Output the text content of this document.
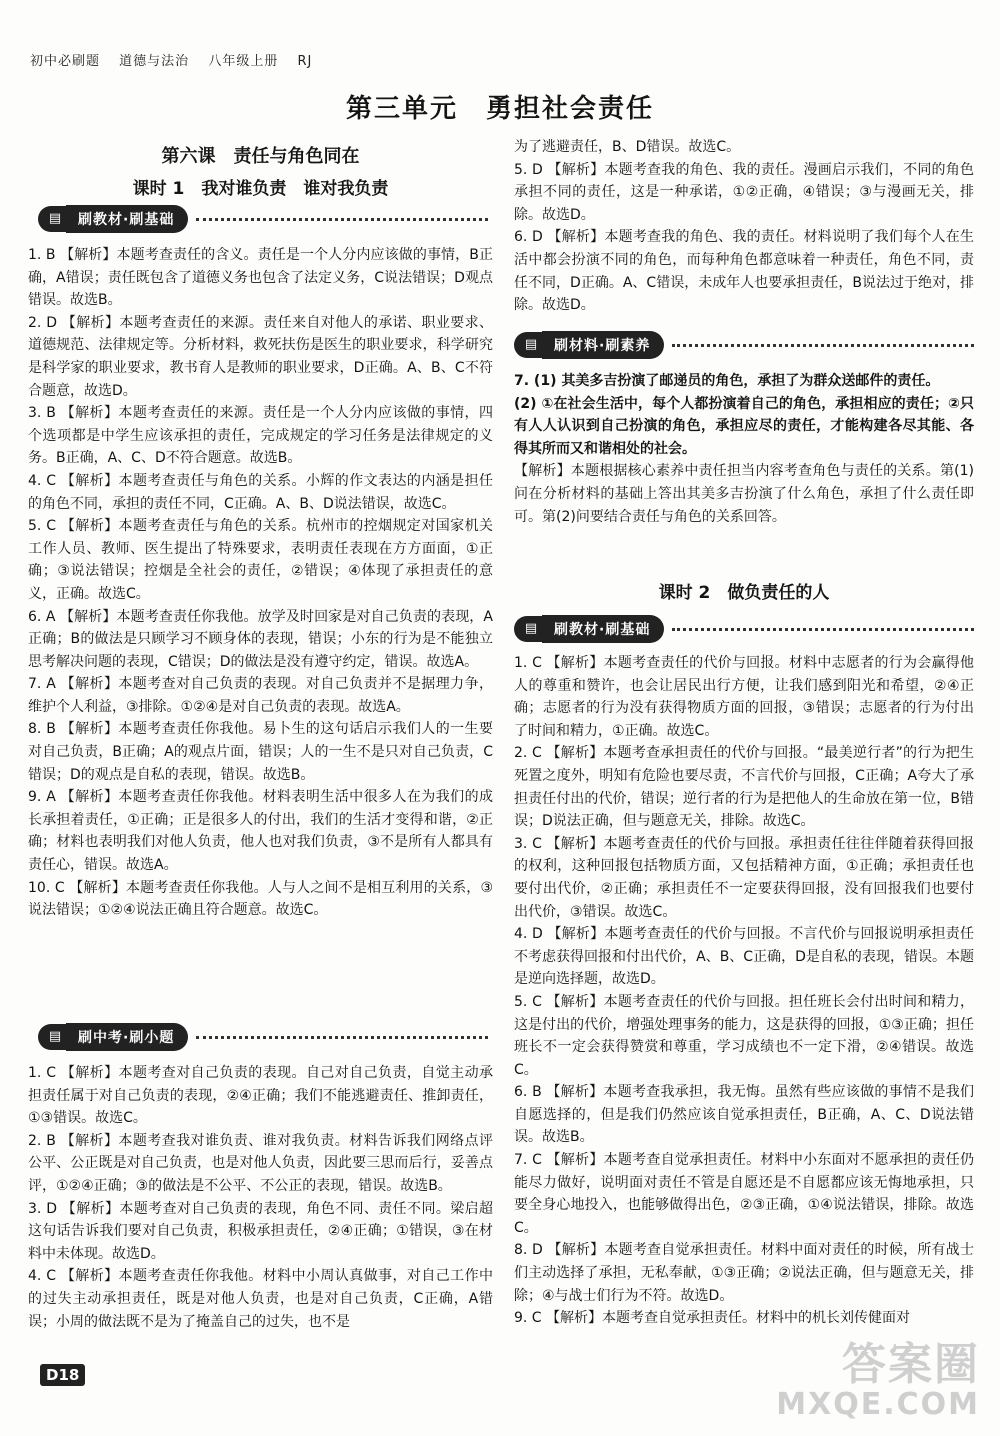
初中必刷题 道德与法治 八年级上册 RJ
第三单元　勇担社会责任
第六课　责任与角色同在
课时 1　我对谁负责　谁对我负责
▤	刷教材·刷基础

1. B 【解析】本题考查责任的含义。责任是一个人分内应该做的事情，B正确，A错误；责任既包含了道德义务也包含了法定义务，C说法错误；D观点错误。故选B。

2. D 【解析】本题考查责任的来源。责任来自对他人的承诺、职业要求、道德规范、法律规定等。分析材料，救死扶伤是医生的职业要求，科学研究是科学家的职业要求，教书育人是教师的职业要求，D正确。A、B、C不符合题意，故选D。

3. B 【解析】本题考查责任的来源。责任是一个人分内应该做的事情，四个选项都是中学生应该承担的责任，完成规定的学习任务是法律规定的义务。B正确，A、C、D不符合题意。故选B。

4. C 【解析】本题考查责任与角色的关系。小辉的作文表达的内涵是担任的角色不同，承担的责任不同，C正确。A、B、D说法错误，故选C。

5. C 【解析】本题考查责任与角色的关系。杭州市的控烟规定对国家机关工作人员、教师、医生提出了特殊要求，表明责任表现在方方面面，①正确；③说法错误；控烟是全社会的责任，②错误；④体现了承担责任的意义，正确。故选C。

6. A 【解析】本题考查责任你我他。放学及时回家是对自己负责的表现，A正确；B的做法是只顾学习不顾身体的表现，错误；小东的行为是不能独立思考解决问题的表现，C错误；D的做法是没有遵守约定，错误。故选A。

7. A 【解析】本题考查对自己负责的表现。对自己负责并不是据理力争，维护个人利益，③排除。①②④是对自己负责的表现。故选A。

8. B 【解析】本题考查责任你我他。易卜生的这句话启示我们人的一生要对自己负责，B正确；A的观点片面，错误；人的一生不是只对自己负责，C错误；D的观点是自私的表现，错误。故选B。

9. A 【解析】本题考查责任你我他。材料表明生活中很多人在为我们的成长承担着责任，①正确；正是很多人的付出，我们的生活才变得和谐，②正确；材料也表明我们对他人负责，他人也对我们负责，③不是所有人都具有责任心，错误。故选A。

10. C 【解析】本题考查责任你我他。人与人之间不是相互利用的关系，③说法错误；①②④说法正确且符合题意。故选C。

▤	刷中考·刷小题

1. C 【解析】本题考查对自己负责的表现。自己对自己负责，自觉主动承担责任属于对自己负责的表现，②④正确；我们不能逃避责任、推卸责任，①③错误。故选C。

2. B 【解析】本题考查我对谁负责、谁对我负责。材料告诉我们网络点评公平、公正既是对自己负责，也是对他人负责，因此要三思而后行，妥善点评，①②④正确；③的做法是不公平、不公正的表现，错误。故选B。

3. D 【解析】本题考查对自己负责的表现，角色不同、责任不同。梁启超这句话告诉我们要对自己负责，积极承担责任，②④正确；①错误，③在材料中未体现。故选D。

4. C 【解析】本题考查责任你我他。材料中小周认真做事，对自己工作中的过失主动承担责任，既是对他人负责，也是对自己负责，C正确，A错误；小周的做法既不是为了掩盖自己的过失，也不是

为了逃避责任，B、D错误。故选C。

5. D 【解析】本题考查我的角色、我的责任。漫画启示我们，不同的角色承担不同的责任，这是一种承诺，①②正确，④错误；③与漫画无关，排除。故选D。

6. D 【解析】本题考查我的角色、我的责任。材料说明了我们每个人在生活中都会扮演不同的角色，而每种角色都意味着一种责任，角色不同，责任不同，D正确。A、C错误，未成年人也要承担责任，B说法过于绝对，排除。故选D。

▤	刷材料·刷素养

7. (1) 其美多吉扮演了邮递员的角色，承担了为群众送邮件的责任。

(2) ①在社会生活中，每个人都扮演着自己的角色，承担相应的责任；②只有人人认识到自己扮演的角色，承担应尽的责任，才能构建各尽其能、各得其所而又和谐相处的社会。

【解析】本题根据核心素养中责任担当内容考查角色与责任的关系。第(1)问在分析材料的基础上答出其美多吉扮演了什么角色，承担了什么责任即可。第(2)问要结合责任与角色的关系回答。

课时 2　做负责任的人
▤	刷教材·刷基础

1. C 【解析】本题考查责任的代价与回报。材料中志愿者的行为会赢得他人的尊重和赞许，也会让居民出行方便，让我们感到阳光和希望，②④正确；志愿者的行为没有获得物质方面的回报，③错误；志愿者的行为付出了时间和精力，①正确。故选C。

2. C 【解析】本题考查承担责任的代价与回报。“最美逆行者”的行为把生死置之度外，明知有危险也要尽责，不言代价与回报，C正确；A夸大了承担责任付出的代价，错误；逆行者的行为是把他人的生命放在第一位，B错误；D说法正确，但与题意无关，排除。故选C。

3. C 【解析】本题考查责任的代价与回报。承担责任往往伴随着获得回报的权利，这种回报包括物质方面，又包括精神方面，①正确；承担责任也要付出代价，②正确；承担责任不一定要获得回报，没有回报我们也要付出代价，③错误。故选C。

4. D 【解析】本题考查责任的代价与回报。不言代价与回报说明承担责任不考虑获得回报和付出代价，A、B、C正确，D是自私的表现，错误。本题是逆向选择题，故选D。

5. C 【解析】本题考查责任的代价与回报。担任班长会付出时间和精力，这是付出的代价，增强处理事务的能力，这是获得的回报，①③正确；担任班长不一定会获得赞赏和尊重，学习成绩也不一定下滑，②④错误。故选C。

6. B 【解析】本题考查我承担，我无悔。虽然有些应该做的事情不是我们自愿选择的，但是我们仍然应该自觉承担责任，B正确，A、C、D说法错误。故选B。

7. C 【解析】本题考查自觉承担责任。材料中小东面对不愿承担的责任仍能尽力做好，说明面对责任不管是自愿还是不自愿都应该无悔地承担，只要全身心地投入，也能够做得出色，②③正确，①④说法错误，排除。故选C。

8. D 【解析】本题考查自觉承担责任。材料中面对责任的时候，所有战士们主动选择了承担，无私奉献，①③正确；②说法正确，但与题意无关，排除；④与战士们行为不符。故选D。

9. C 【解析】本题考查自觉承担责任。材料中的机长刘传健面对

D18	答案圈
MXQE.COM
